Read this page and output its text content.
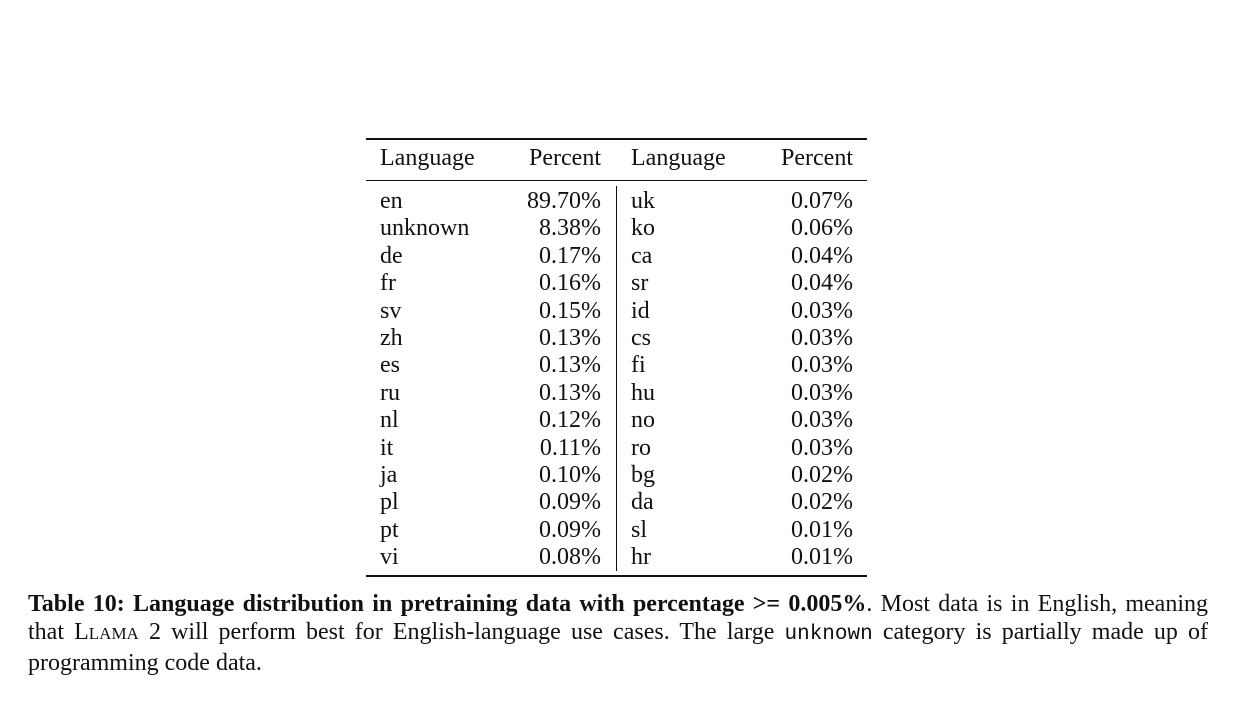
Language Percent Language Percent
en	89.70% uk	0.07%
unknown	8.38% ko	0.06%
de	0.17% ca	0.04%
fr	0.16% sr	0.04%
sv	0.15% id	0.03%
zh	0.13% cs	0.03%
es	0.13% fi	0.03%
ru	0.13% hu	0.03%
nl	0.12% no	0.03%
it	0.11% ro	0.03%
ja	0.10% bg	0.02%
pl	0.09% da	0.02%
pt	0.09% sl	0.01%
vi	0.08% hr	0.01%
Table 10: Language distribution in pretraining data with percentage >= 0.005%. Most data is in English, meaning that Llama 2 will perform best for English-language use cases. The large unknown category is partially made up of programming code data.
